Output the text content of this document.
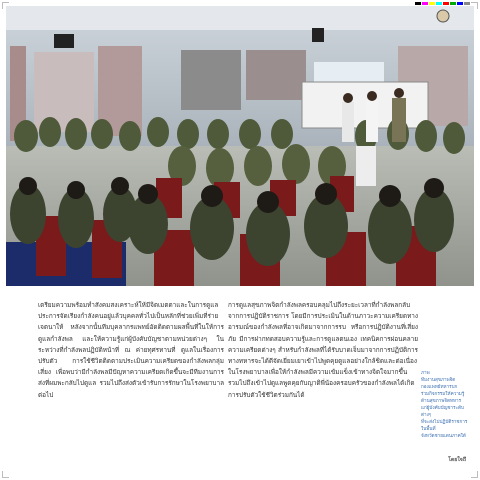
เตรียมความพร้อมทำสังคมสงเคราะห์ให้มีจิตเมตตาและในการดูแลประการจัดเรียงกำลังคนอยู่แล้วบุคคลทั่วไปเป็นหลักที่ช่วยเพิ่มที่ร่ายเจตนาให้ หลังจากนั้นทีมบุคลากรแพทย์อัดติดตามผลพื้นที่ในให้การดูแลกำลังพล และให้ความรู้แก่ผู้บังคับบัญชาตามหน่วยต่างๆ ในระหว่างที่กำลังพลปฏิบัติหน้าที่ ณ ค่ายทุศรทานที่ ดูแลในเรื่องการปรับตัว การใช้ชีวิตติดตามประเมินความเครียดของกำลังพลกลุ่มเสี่ยง เพื่อพบว่ามีกำลังพลมีปัญหาความเครียดเกิดขึ้นจะมีทีมงานการส่งที่ผมพะกลับไปดูแล รวมไปถึงส่งตัวเข้ารับการรักษาในโรงพยาบาลต่อไป
การดูแลสุขภาพจิตกำลังพลครอบคลุมไปถึงระยะเวลาที่กำลังพลกลับจากการปฏิบัติราชการ โดยมีการประเมินในด้านภาวะความเครียดทางอารมณ์ของกำลังพลที่อาจเกิดมาจากการรบ หรือการปฏิบัติงานที่เสี่ยงภัย มีการฝากทดสอบความรู้และการดูแลตนเอง เทคนิคการผ่อนคลายความเครียดต่างๆ สำหรับกำลังพลที่ได้รับบาดเจ็บมาจากการปฏิบัติการทางทหารจะได้ดีจัดเยี่ยมเยาเข้าไปพูดคุยดูแลอย่างใกล้ชิดและต่อเนื่องในโรงพยาบาลเพื่อให้กำลังพลมีความเข้มแข็งเข้าทางจิตใจมากขึ้น รวมไปถึงเข้าไปดูแลพูดคุยกับญาติพี่น้องครอบครัวของกำลังพลได้เกิดการปรับตัวใช้ชีวิตร่วมกันได้
ภาพ
ทีมงานสุขภาพจิต
กองแพทย์ทหารบก
ร่วมกิจกรรมให้ความรู้ด้านสุขภาพจิตทหาร
แก่ผู้บังคับบัญชาระดับต่างๆ
ที่จะส่งไปปฏิบัติราชการในพื้นที่
จังหวัดชายแดนภาคใต้
โดยใจถึ
